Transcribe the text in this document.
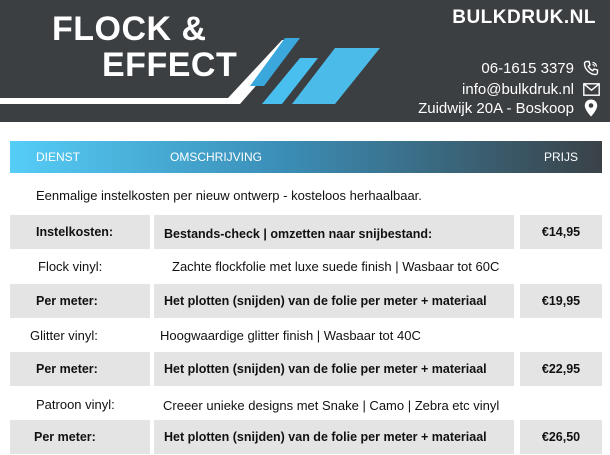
FLOCK &
EFFECT
BULKDRUK.NL
06-1615 3379
info@bulkdruk.nl
Zuidwijk 20A - Boskoop
DIENST	OMSCHRIJVING	PRIJS
Eenmalige instelkosten per nieuw ontwerp - kosteloos herhaalbaar.
Instelkosten:	Bestands-check | omzetten naar snijbestand:	€14,95
Flock vinyl:	Zachte flockfolie met luxe suede finish | Wasbaar tot 60C
Per meter:	Het plotten (snijden) van de folie per meter + materiaal	€19,95
Glitter vinyl:	Hoogwaardige glitter finish | Wasbaar tot 40C
Per meter:	Het plotten (snijden) van de folie per meter + materiaal	€22,95
Patroon vinyl:	Creeer unieke designs met Snake | Camo | Zebra etc vinyl
Per meter:	Het plotten (snijden) van de folie per meter + materiaal	€26,50
